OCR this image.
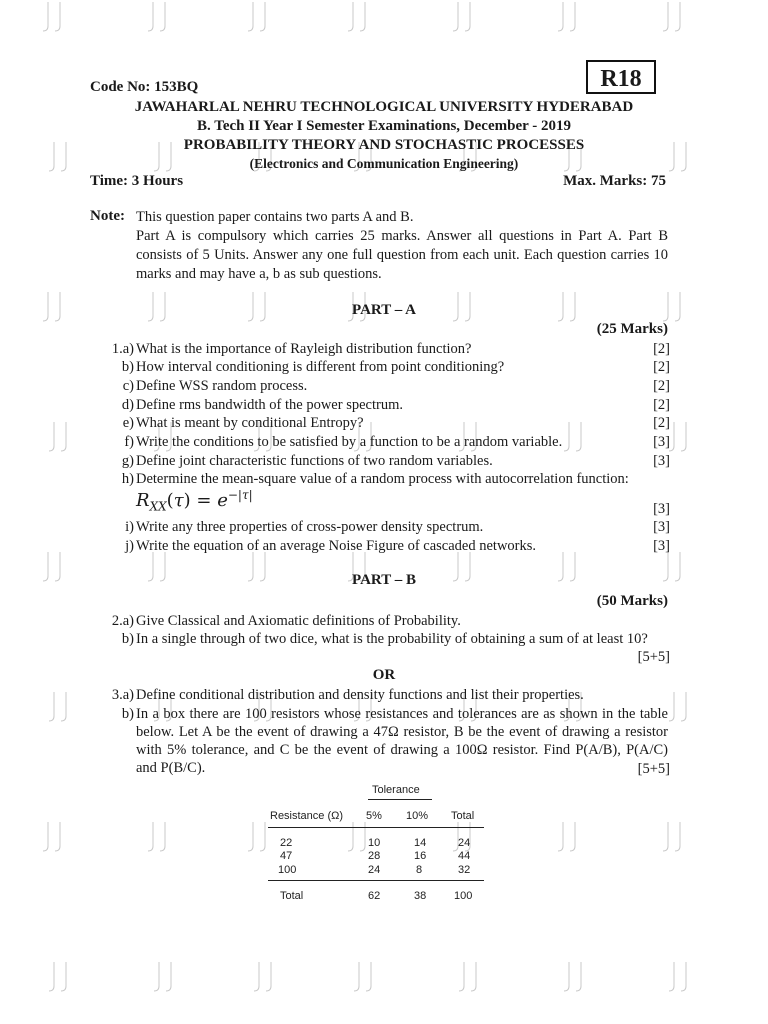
Code No: 153BQ	R18
JAWAHARLAL NEHRU TECHNOLOGICAL UNIVERSITY HYDERABAD
B. Tech II Year I Semester Examinations, December - 2019
PROBABILITY THEORY AND STOCHASTIC PROCESSES
(Electronics and Communication Engineering)
Time: 3 Hours	Max. Marks: 75
Note: This question paper contains two parts A and B.
Part A is compulsory which carries 25 marks. Answer all questions in Part A. Part B consists of 5 Units. Answer any one full question from each unit. Each question carries 10 marks and may have a, b as sub questions.
PART – A
(25 Marks)
1.a) What is the importance of Rayleigh distribution function?	[2]
b) How interval conditioning is different from point conditioning?	[2]
c) Define WSS random process.	[2]
d) Define rms bandwidth of the power spectrum.	[2]
e) What is meant by conditional Entropy?	[2]
f) Write the conditions to be satisfied by a function to be a random variable.	[3]
g) Define joint characteristic functions of two random variables.	[3]
h) Determine the mean-square value of a random process with autocorrelation function:
[3]
$R_{XX}(\tau) = e^{-|\tau|}$
i) Write any three properties of cross-power density spectrum.	[3]
j) Write the equation of an average Noise Figure of cascaded networks.	[3]
PART – B
(50 Marks)
2.a) Give Classical and Axiomatic definitions of Probability.
b) In a single through of two dice, what is the probability of obtaining a sum of at least 10?
[5+5]
OR
3.a) Define conditional distribution and density functions and list their properties.
b) In a box there are 100 resistors whose resistances and tolerances are as shown in the table below. Let A be the event of drawing a 47Ω resistor, B be the event of drawing a resistor with 5% tolerance, and C be the event of drawing a 100Ω resistor. Find P(A/B), P(A/C) and P(B/C).	[5+5]
Tolerance
Resistance (Ω) 5% 10% Total
22	10	14	24
47	28	16	44
100	24	8	32
Total	62	38	100
